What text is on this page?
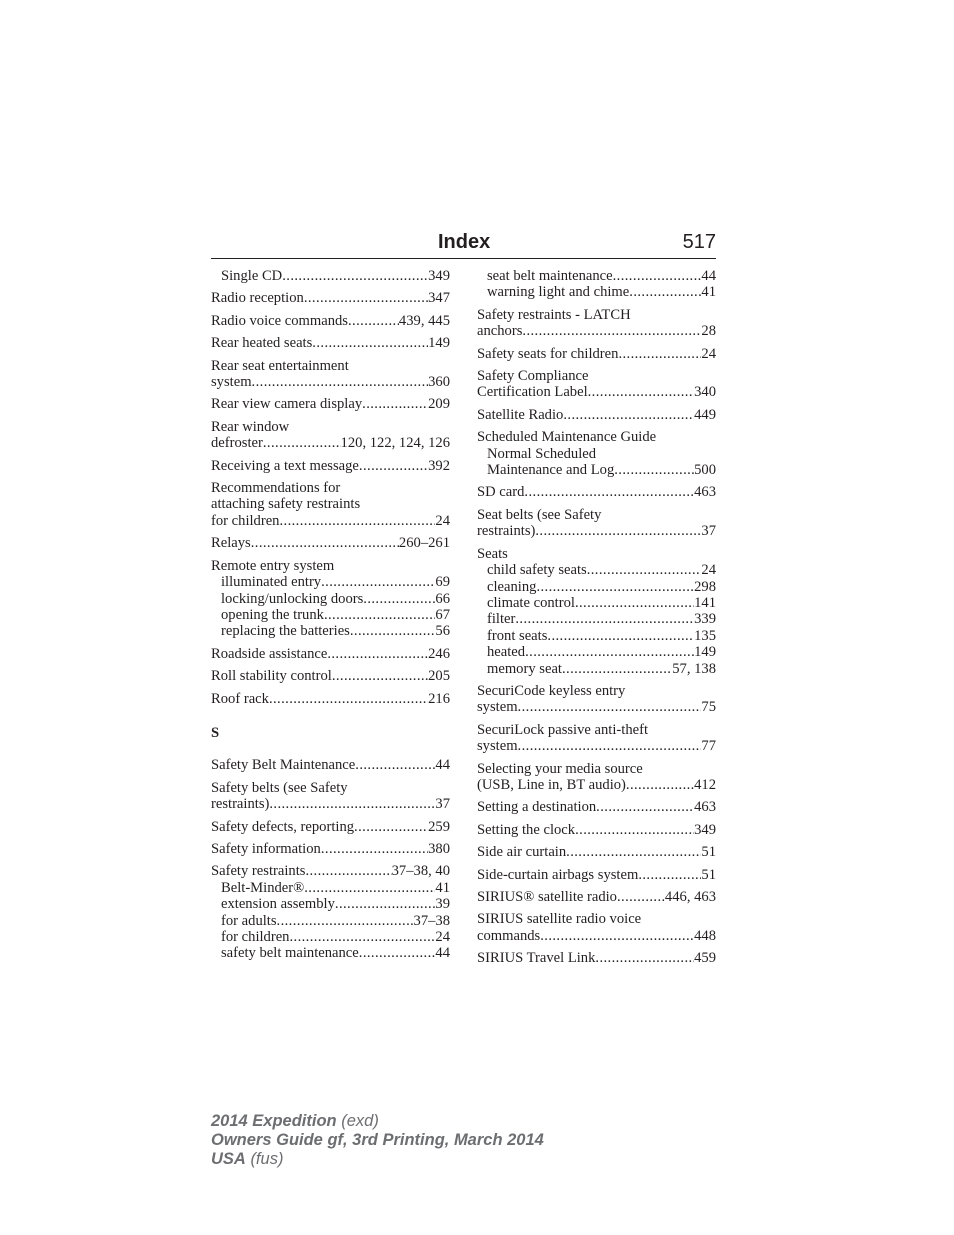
Index	517
Single CD .....	349
Radio reception .....	347
Radio voice commands .....	439, 445
Rear heated seats .....	149
Rear seat entertainment
system .....	360
Rear view camera display .....	209
Rear window
defroster .....	120, 122, 124, 126
Receiving a text message .....	392
Recommendations for
attaching safety restraints
for children .....	24
Relays .....	260–261
Remote entry system
illuminated entry .....	69
locking/unlocking doors .....	66
opening the trunk .....	67
replacing the batteries .....	56
Roadside assistance .....	246
Roll stability control .....	205
Roof rack .....	216
S
Safety Belt Maintenance .....	44
Safety belts (see Safety
restraints) .....	37
Safety defects, reporting .....	259
Safety information .....	380
Safety restraints .....	37–38, 40
Belt-Minder® .....	41
extension assembly .....	39
for adults .....	37–38
for children .....	24
safety belt maintenance .....	44
seat belt maintenance .....	44
warning light and chime .....	41
Safety restraints - LATCH
anchors .....	28
Safety seats for children .....	24
Safety Compliance
Certification Label .....	340
Satellite Radio .....	449
Scheduled Maintenance Guide
Normal Scheduled
Maintenance and Log .....	500
SD card .....	463
Seat belts (see Safety
restraints) .....	37
Seats
child safety seats .....	24
cleaning .....	298
climate control .....	141
filter .....	339
front seats .....	135
heated .....	149
memory seat .....	57, 138
SecuriCode keyless entry
system .....	75
SecuriLock passive anti-theft
system .....	77
Selecting your media source
(USB, Line in, BT audio) .....	412
Setting a destination .....	463
Setting the clock .....	349
Side air curtain .....	51
Side-curtain airbags system .....	51
SIRIUS® satellite radio .....	446, 463
SIRIUS satellite radio voice
commands .....	448
SIRIUS Travel Link .....	459
2014 Expedition (exd)
Owners Guide gf, 3rd Printing, March 2014
USA (fus)
